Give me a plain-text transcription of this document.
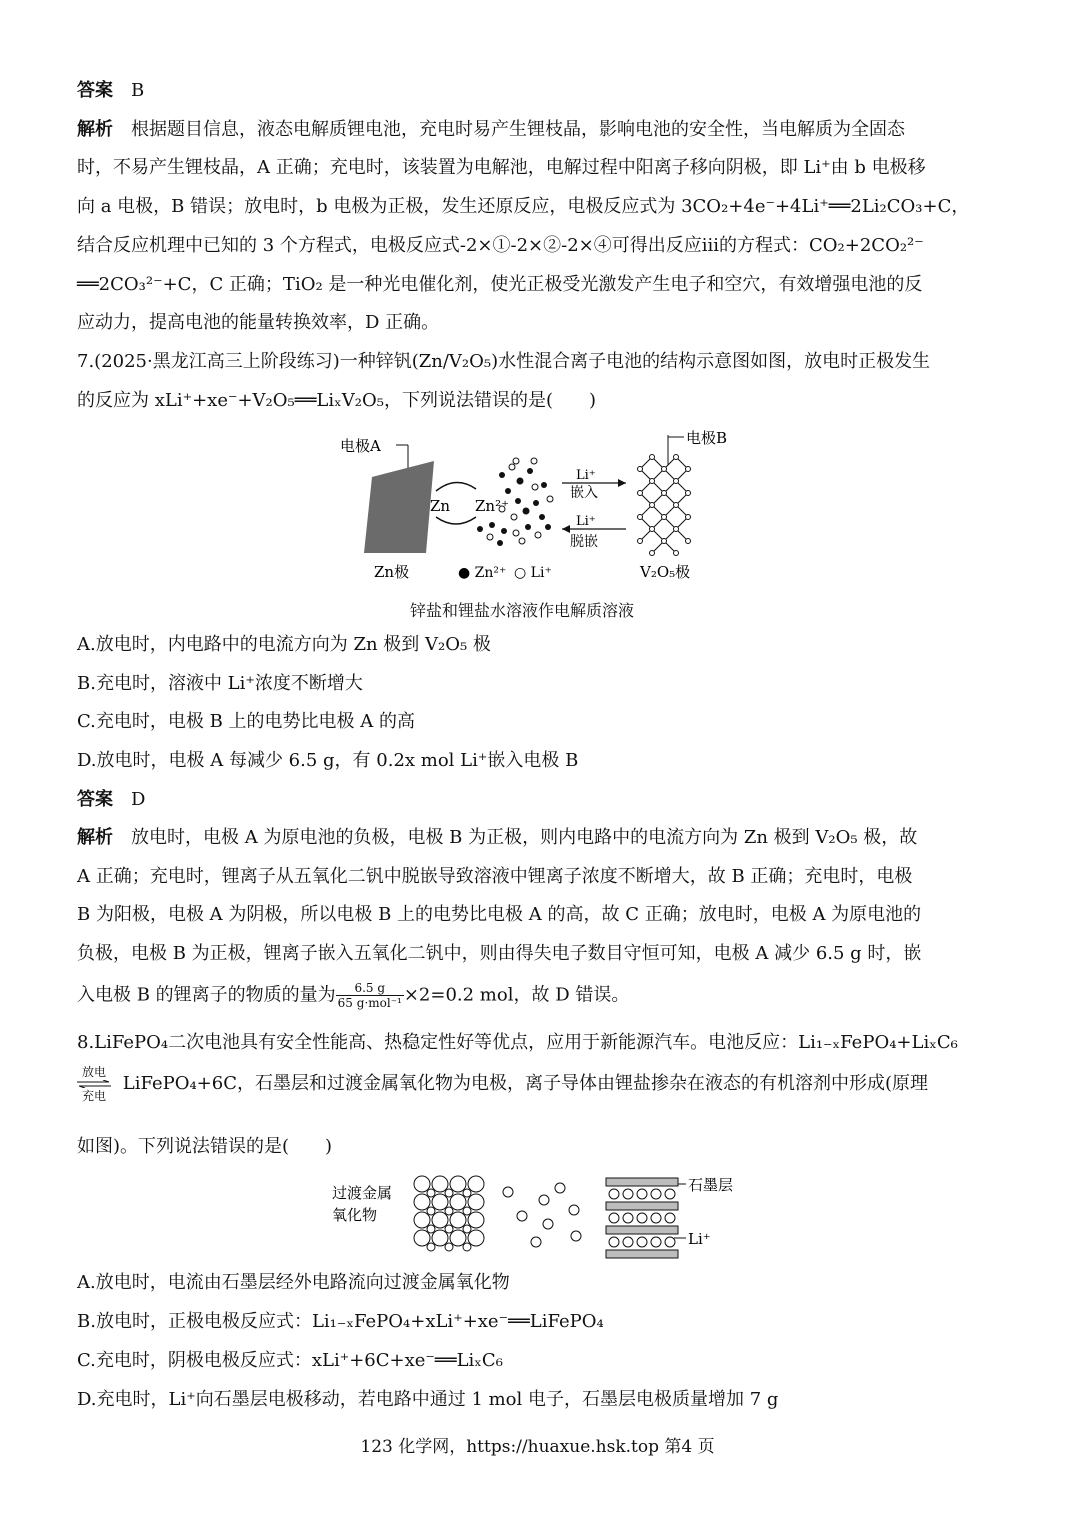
答案 B
解析 根据题目信息，液态电解质锂电池，充电时易产生锂枝晶，影响电池的安全性，当电解质为全固态
时，不易产生锂枝晶，A 正确；充电时，该装置为电解池，电解过程中阳离子移向阴极，即 Li⁺由 b 电极移
向 a 电极，B 错误；放电时，b 电极为正极，发生还原反应，电极反应式为 3CO₂+4e⁻+4Li⁺══2Li₂CO₃+C，
结合反应机理中已知的 3 个方程式，电极反应式-2×①-2×②-2×④可得出反应iii的方程式：CO₂+2CO₂²⁻
══2CO₃²⁻+C，C 正确；TiO₂ 是一种光电催化剂，使光正极受光激发产生电子和空穴，有效增强电池的反
应动力，提高电池的能量转换效率，D 正确。
7.(2025·黑龙江高三上阶段练习)一种锌钒(Zn/V₂O₅)水性混合离子电池的结构示意图如图，放电时正极发生
的反应为 xLi⁺+xe⁻+V₂O₅══LiₓV₂O₅，下列说法错误的是(　　)
电极A
Zn Zn²⁺
Li⁺
嵌入
Li⁺
脱嵌
电极B
Zn极	● Zn²⁺ ○ Li⁺	V₂O₅极
锌盐和锂盐水溶液作电解质溶液
A.放电时，内电路中的电流方向为 Zn 极到 V₂O₅ 极
B.充电时，溶液中 Li⁺浓度不断增大
C.充电时，电极 B 上的电势比电极 A 的高
D.放电时，电极 A 每减少 6.5 g，有 0.2x mol Li⁺嵌入电极 B
答案 D
解析 放电时，电极 A 为原电池的负极，电极 B 为正极，则内电路中的电流方向为 Zn 极到 V₂O₅ 极，故
A 正确；充电时，锂离子从五氧化二钒中脱嵌导致溶液中锂离子浓度不断增大，故 B 正确；充电时，电极
B 为阳极，电极 A 为阴极，所以电极 B 上的电势比电极 A 的高，故 C 正确；放电时，电极 A 为原电池的
负极，电极 B 为正极，锂离子嵌入五氧化二钒中，则由得失电子数目守恒可知，电极 A 减少 6.5 g 时，嵌
入电极 B 的锂离子的物质的量为 $\frac{6.5 g}{\text{65 g·mol⁻¹}} \times 2=0.2$ mol，故 D 错误。
8.LiFePO₄二次电池具有安全性能高、热稳定性好等优点，应用于新能源汽车。电池反应：Li₁₋ₓFePO₄+LiₓC₆
放电
充电
LiFePO₄+6C，石墨层和过渡金属氧化物为电极，离子导体由锂盐掺杂在液态的有机溶剂中形成(原理
如图)。下列说法错误的是(　　)
过渡金属
氧化物
石墨层
Li⁺
A.放电时，电流由石墨层经外电路流向过渡金属氧化物
B.放电时，正极电极反应式：Li₁₋ₓFePO₄+xLi⁺+xe⁻══LiFePO₄
C.充电时，阴极电极反应式：xLi⁺+6C+xe⁻══LiₓC₆
D.充电时，Li⁺向石墨层电极移动，若电路中通过 1 mol 电子，石墨层电极质量增加 7 g
123 化学网，https://huaxue.hsk.top 第4 页
